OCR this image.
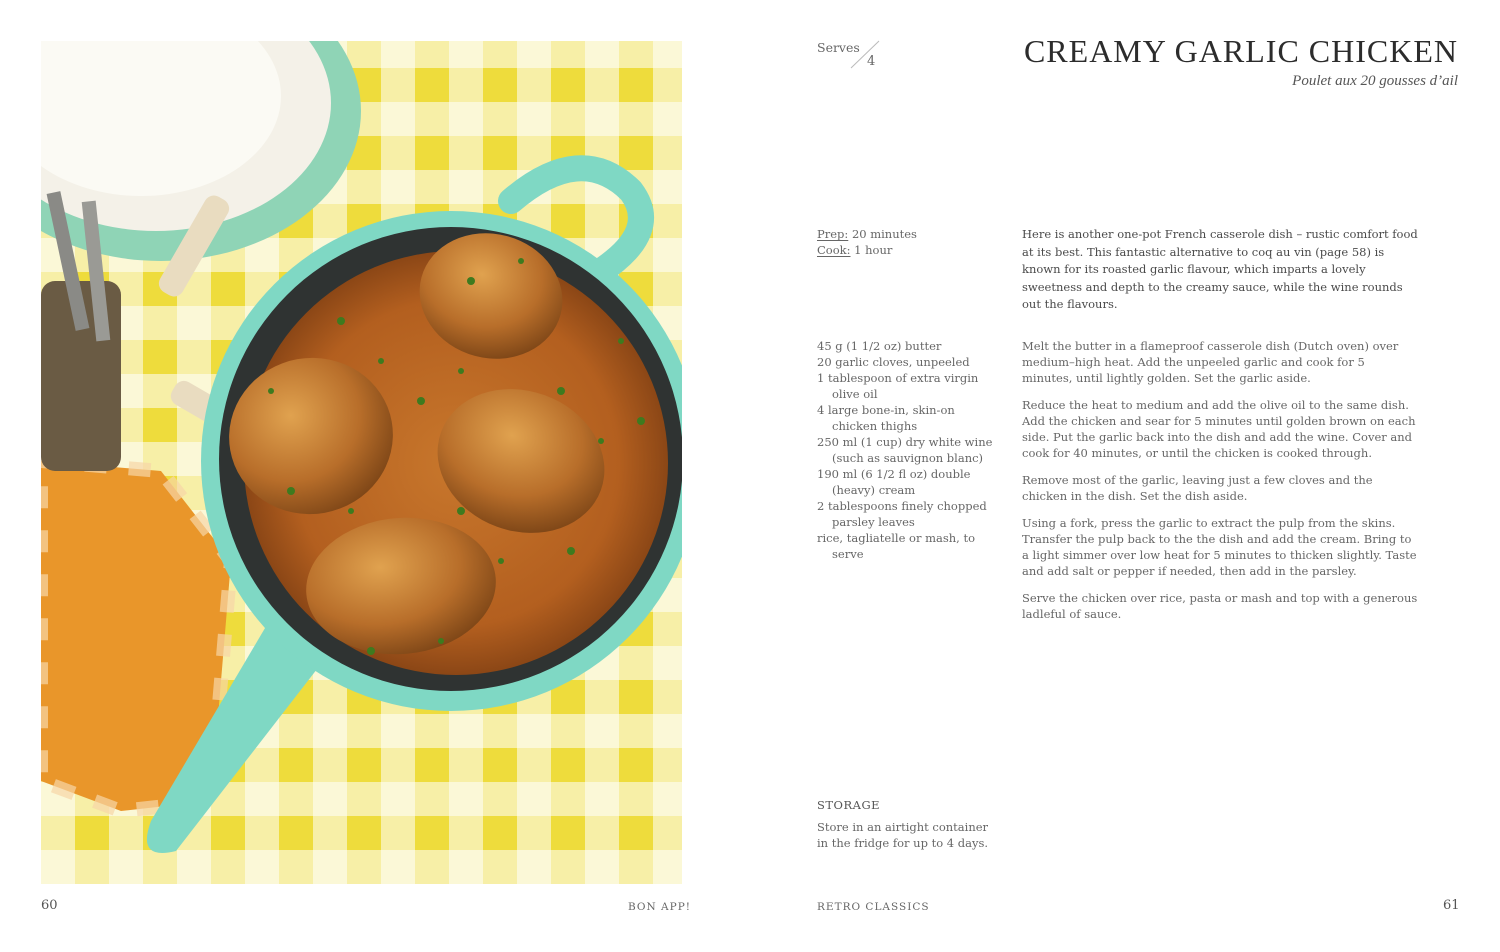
60	BON APP!
Serves
4	CREAMY GARLIC CHICKEN
Poulet aux 20 gousses d’ail
Prep: 20 minutes
Cook: 1 hour
Here is another one-pot French casserole dish – rustic comfort food at its best. This fantastic alternative to coq au vin (page 58) is known for its roasted garlic flavour, which imparts a lovely sweetness and depth to the creamy sauce, while the wine rounds out the flavours.
45 g (1 1/2 oz) butter
20 garlic cloves, unpeeled
1 tablespoon of extra virgin olive oil
4 large bone-in, skin-on chicken thighs
250 ml (1 cup) dry white wine (such as sauvignon blanc)
190 ml (6 1/2 fl oz) double (heavy) cream
2 tablespoons finely chopped parsley leaves
rice, tagliatelle or mash, to serve

Melt the butter in a flameproof casserole dish (Dutch oven) over medium–high heat. Add the unpeeled garlic and cook for 5 minutes, until lightly golden. Set the garlic aside.

Reduce the heat to medium and add the olive oil to the same dish. Add the chicken and sear for 5 minutes until golden brown on each side. Put the garlic back into the dish and add the wine. Cover and cook for 40 minutes, or until the chicken is cooked through.

Remove most of the garlic, leaving just a few cloves and the chicken in the dish. Set the dish aside.

Using a fork, press the garlic to extract the pulp from the skins. Transfer the pulp back to the the dish and add the cream. Bring to a light simmer over low heat for 5 minutes to thicken slightly. Taste and add salt or pepper if needed, then add in the parsley.

Serve the chicken over rice, pasta or mash and top with a generous ladleful of sauce.

STORAGE
Store in an airtight container in the fridge for up to 4 days.
RETRO CLASSICS	61
